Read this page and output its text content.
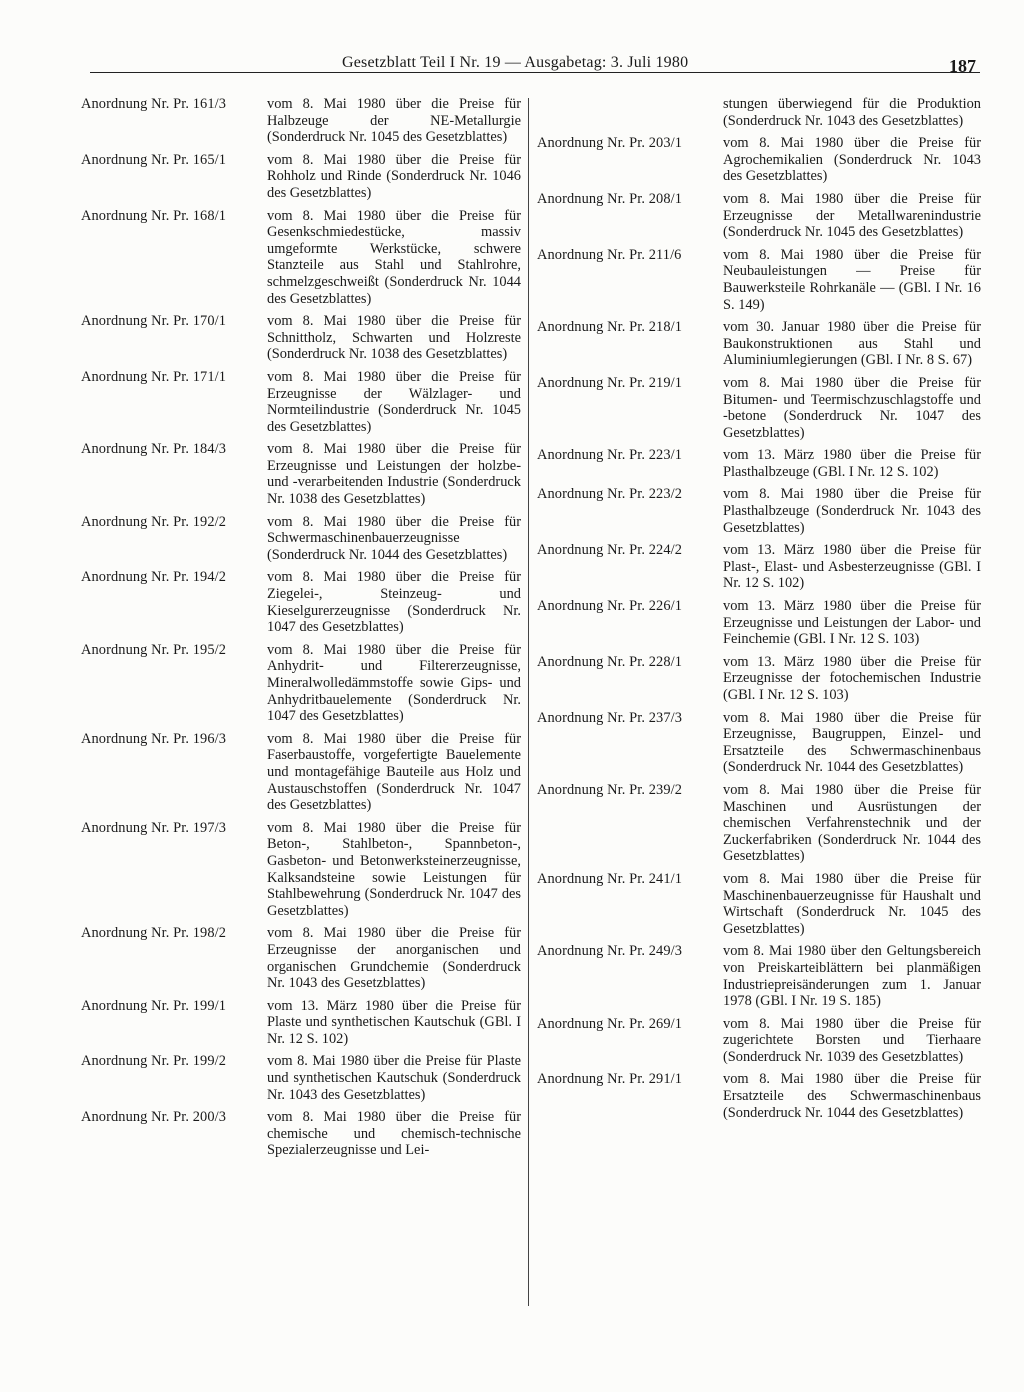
Gesetzblatt Teil I Nr. 19 — Ausgabetag: 3. Juli 1980	187
Anordnung Nr. Pr. 161/3	vom 8. Mai 1980 über die Preise für Halbzeuge der NE-Metallurgie (Sonderdruck Nr. 1045 des Gesetzblattes)
Anordnung Nr. Pr. 165/1	vom 8. Mai 1980 über die Preise für Rohholz und Rinde (Sonderdruck Nr. 1046 des Gesetzblattes)
Anordnung Nr. Pr. 168/1	vom 8. Mai 1980 über die Preise für Gesenkschmiedestücke, massiv umgeformte Werkstücke, schwere Stanzteile aus Stahl und Stahlrohre, schmelzgeschweißt (Sonderdruck Nr. 1044 des Gesetzblattes)
Anordnung Nr. Pr. 170/1	vom 8. Mai 1980 über die Preise für Schnittholz, Schwarten und Holzreste (Sonderdruck Nr. 1038 des Gesetzblattes)
Anordnung Nr. Pr. 171/1	vom 8. Mai 1980 über die Preise für Erzeugnisse der Wälzlager- und Normteilindustrie (Sonderdruck Nr. 1045 des Gesetzblattes)
Anordnung Nr. Pr. 184/3	vom 8. Mai 1980 über die Preise für Erzeugnisse und Leistungen der holzbe- und -verarbeitenden Industrie (Sonderdruck Nr. 1038 des Gesetzblattes)
Anordnung Nr. Pr. 192/2	vom 8. Mai 1980 über die Preise für Schwermaschinenbauerzeugnisse (Sonderdruck Nr. 1044 des Gesetzblattes)
Anordnung Nr. Pr. 194/2	vom 8. Mai 1980 über die Preise für Ziegelei-, Steinzeug- und Kieselgurerzeugnisse (Sonderdruck Nr. 1047 des Gesetzblattes)
Anordnung Nr. Pr. 195/2	vom 8. Mai 1980 über die Preise für Anhydrit- und Filtererzeugnisse, Mineralwolledämmstoffe sowie Gips- und Anhydritbauelemente (Sonderdruck Nr. 1047 des Gesetzblattes)
Anordnung Nr. Pr. 196/3	vom 8. Mai 1980 über die Preise für Faserbaustoffe, vorgefertigte Bauelemente und montagefähige Bauteile aus Holz und Austauschstoffen (Sonderdruck Nr. 1047 des Gesetzblattes)
Anordnung Nr. Pr. 197/3	vom 8. Mai 1980 über die Preise für Beton-, Stahlbeton-, Spannbeton-, Gasbeton- und Betonwerksteinerzeugnisse, Kalksandsteine sowie Leistungen für Stahlbewehrung (Sonderdruck Nr. 1047 des Gesetzblattes)
Anordnung Nr. Pr. 198/2	vom 8. Mai 1980 über die Preise für Erzeugnisse der anorganischen und organischen Grundchemie (Sonderdruck Nr. 1043 des Gesetzblattes)
Anordnung Nr. Pr. 199/1	vom 13. März 1980 über die Preise für Plaste und synthetischen Kautschuk (GBl. I Nr. 12 S. 102)
Anordnung Nr. Pr. 199/2	vom 8. Mai 1980 über die Preise für Plaste und synthetischen Kautschuk (Sonderdruck Nr. 1043 des Gesetzblattes)
Anordnung Nr. Pr. 200/3	vom 8. Mai 1980 über die Preise für chemische und chemisch-technische Spezialerzeugnisse und Lei-
stungen überwiegend für die Produktion (Sonderdruck Nr. 1043 des Gesetzblattes)
Anordnung Nr. Pr. 203/1	vom 8. Mai 1980 über die Preise für Agrochemikalien (Sonderdruck Nr. 1043 des Gesetzblattes)
Anordnung Nr. Pr. 208/1	vom 8. Mai 1980 über die Preise für Erzeugnisse der Metallwarenindustrie (Sonderdruck Nr. 1045 des Gesetzblattes)
Anordnung Nr. Pr. 211/6	vom 8. Mai 1980 über die Preise für Neubauleistungen — Preise für Bauwerksteile Rohrkanäle — (GBl. I Nr. 16 S. 149)
Anordnung Nr. Pr. 218/1	vom 30. Januar 1980 über die Preise für Baukonstruktionen aus Stahl und Aluminiumlegierungen (GBl. I Nr. 8 S. 67)
Anordnung Nr. Pr. 219/1	vom 8. Mai 1980 über die Preise für Bitumen- und Teermischzuschlagstoffe und -betone (Sonderdruck Nr. 1047 des Gesetzblattes)
Anordnung Nr. Pr. 223/1	vom 13. März 1980 über die Preise für Plasthalbzeuge (GBl. I Nr. 12 S. 102)
Anordnung Nr. Pr. 223/2	vom 8. Mai 1980 über die Preise für Plasthalbzeuge (Sonderdruck Nr. 1043 des Gesetzblattes)
Anordnung Nr. Pr. 224/2	vom 13. März 1980 über die Preise für Plast-, Elast- und Asbesterzeugnisse (GBl. I Nr. 12 S. 102)
Anordnung Nr. Pr. 226/1	vom 13. März 1980 über die Preise für Erzeugnisse und Leistungen der Labor- und Feinchemie (GBl. I Nr. 12 S. 103)
Anordnung Nr. Pr. 228/1	vom 13. März 1980 über die Preise für Erzeugnisse der fotochemischen Industrie (GBl. I Nr. 12 S. 103)
Anordnung Nr. Pr. 237/3	vom 8. Mai 1980 über die Preise für Erzeugnisse, Baugruppen, Einzel- und Ersatzteile des Schwermaschinenbaus (Sonderdruck Nr. 1044 des Gesetzblattes)
Anordnung Nr. Pr. 239/2	vom 8. Mai 1980 über die Preise für Maschinen und Ausrüstungen der chemischen Verfahrenstechnik und der Zuckerfabriken (Sonderdruck Nr. 1044 des Gesetzblattes)
Anordnung Nr. Pr. 241/1	vom 8. Mai 1980 über die Preise für Maschinenbauerzeugnisse für Haushalt und Wirtschaft (Sonderdruck Nr. 1045 des Gesetzblattes)
Anordnung Nr. Pr. 249/3	vom 8. Mai 1980 über den Geltungsbereich von Preiskarteiblättern bei planmäßigen Industriepreisänderungen zum 1. Januar 1978 (GBl. I Nr. 19 S. 185)
Anordnung Nr. Pr. 269/1	vom 8. Mai 1980 über die Preise für zugerichtete Borsten und Tierhaare (Sonderdruck Nr. 1039 des Gesetzblattes)
Anordnung Nr. Pr. 291/1	vom 8. Mai 1980 über die Preise für Ersatzteile des Schwermaschinenbaus (Sonderdruck Nr. 1044 des Gesetzblattes)
